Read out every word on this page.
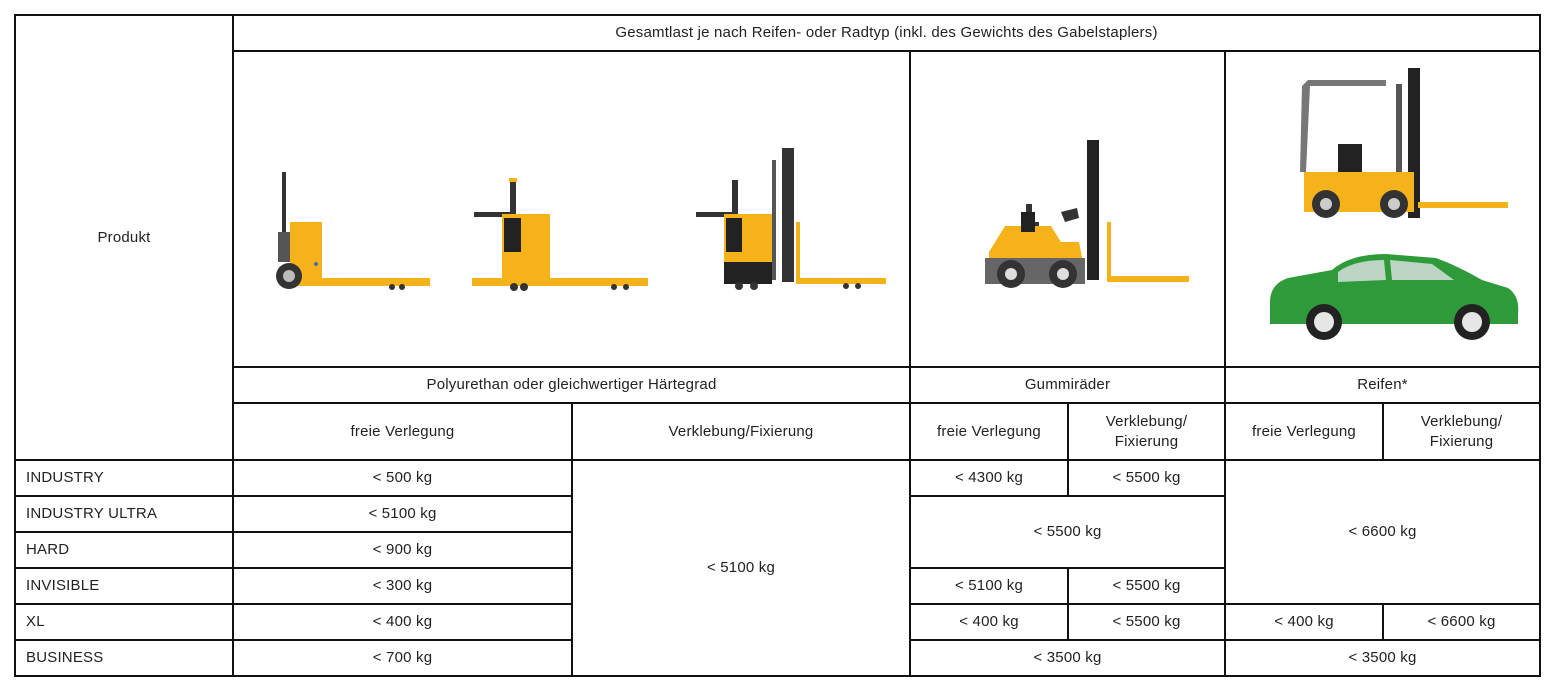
Produkt	Gesamtlast je nach Reifen- oder Radtyp (inkl. des Gewichts des Gabelstaplers)					

	Polyurethan oder gleichwertiger Härtegrad		Gummiräder		Reifen*	
	freie Verlegung	Verklebung/Fixierung	freie Verlegung	Verklebung/ Fixierung	freie Verlegung	Verklebung/ Fixierung
INDUSTRY	< 500 kg	< 5100 kg	< 4300 kg	< 5500 kg	< 6600 kg	
INDUSTRY ULTRA	< 5100 kg		< 5500 kg			
HARD	< 900 kg					
INVISIBLE	< 300 kg		< 5100 kg	< 5500 kg		
XL	< 400 kg		< 400 kg	< 5500 kg	< 400 kg	< 6600 kg
BUSINESS	< 700 kg		< 3500 kg		< 3500 kg	
